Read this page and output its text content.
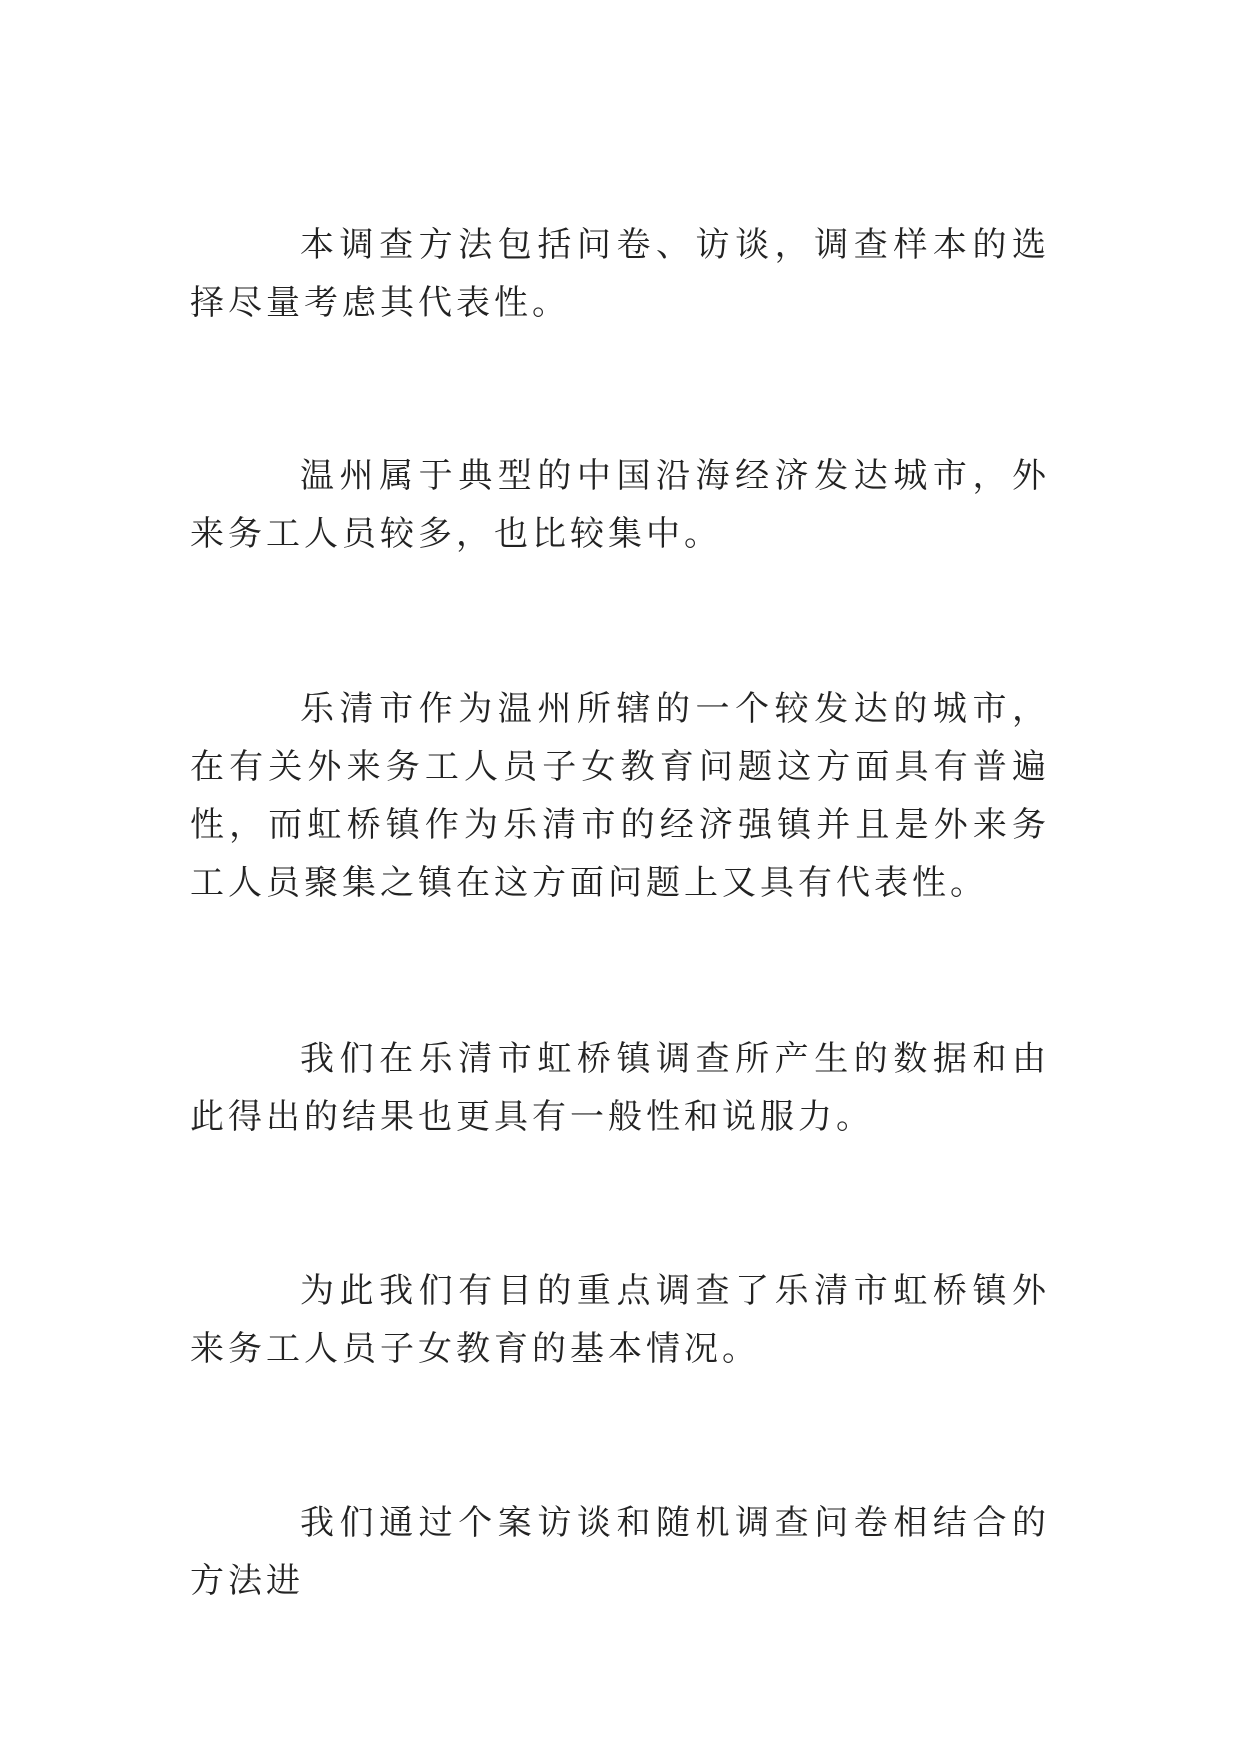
本调查方法包括问卷、访谈，调查样本的选择尽量考虑其代表性。

温州属于典型的中国沿海经济发达城市，外来务工人员较多，也比较集中。

乐清市作为温州所辖的一个较发达的城市，在有关外来务工人员子女教育问题这方面具有普遍性，而虹桥镇作为乐清市的经济强镇并且是外来务工人员聚集之镇在这方面问题上又具有代表性。

我们在乐清市虹桥镇调查所产生的数据和由此得出的结果也更具有一般性和说服力。

为此我们有目的重点调查了乐清市虹桥镇外来务工人员子女教育的基本情况。

我们通过个案访谈和随机调查问卷相结合的方法进
